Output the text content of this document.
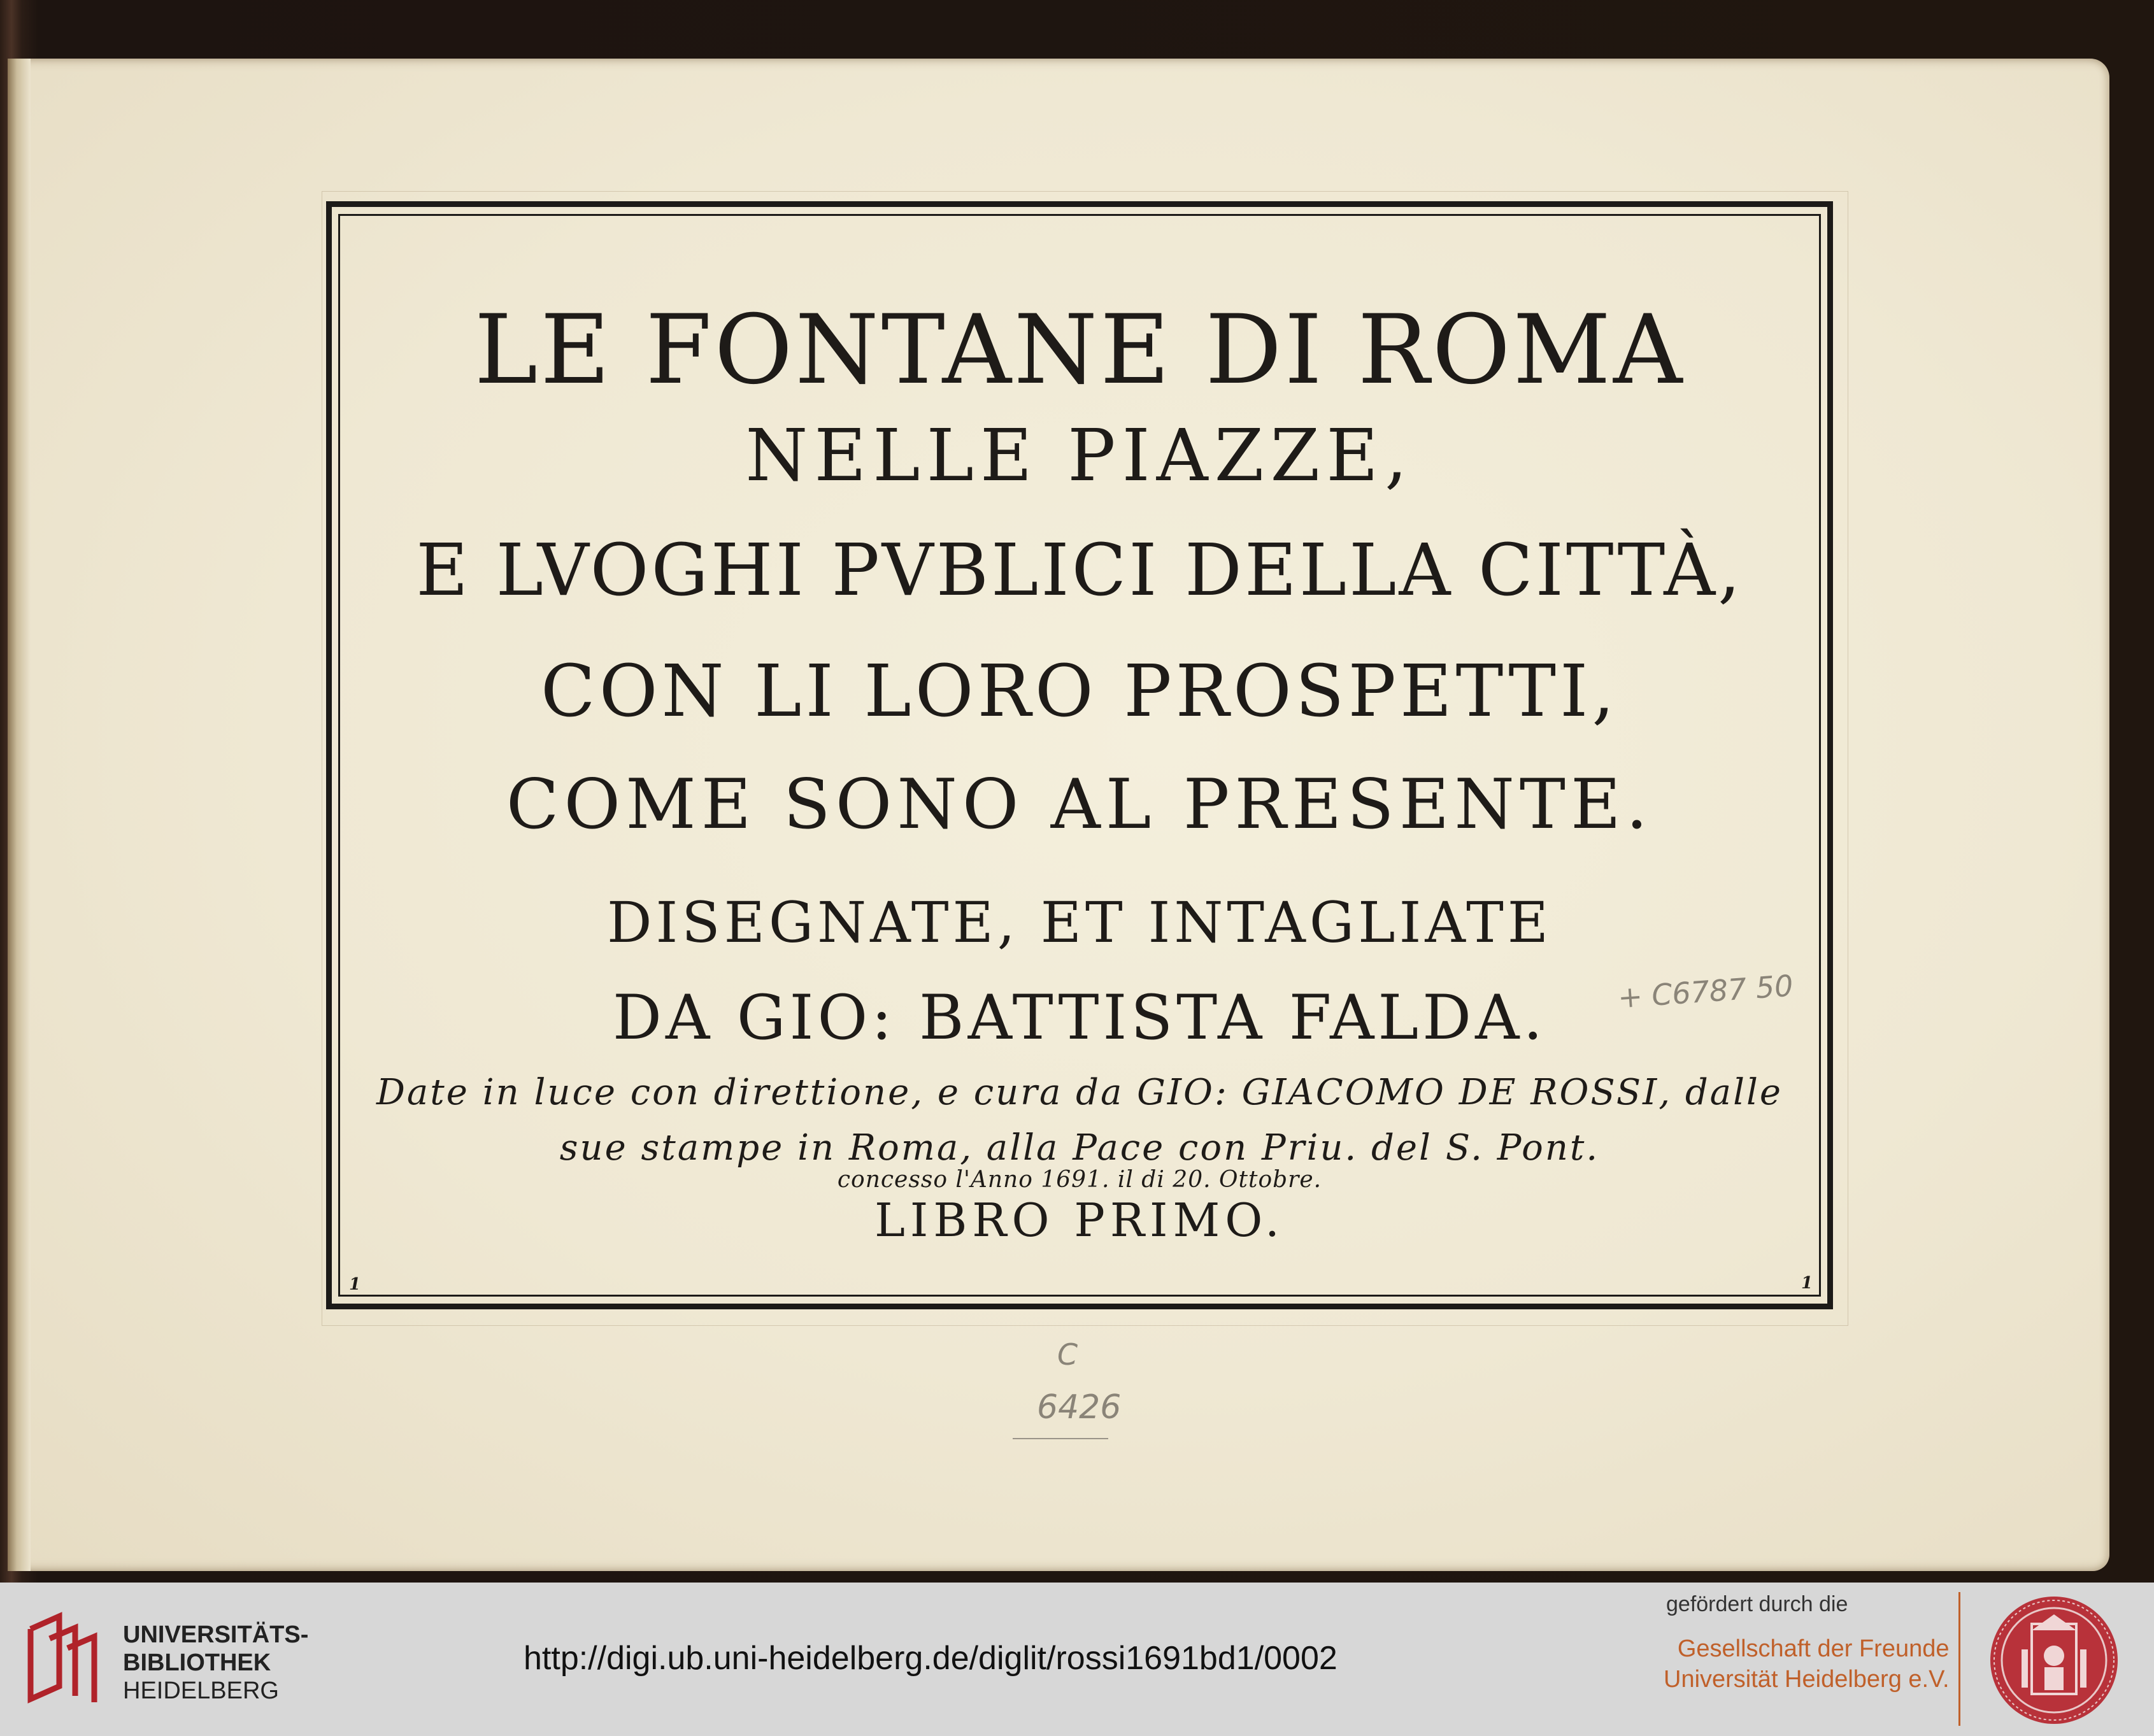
LE FONTANE DI ROMA
NELLE PIAZZE,
E LVOGHI PVBLICI DELLA CITTÀ,
CON LI LORO PROSPETTI,
COME SONO AL PRESENTE.
DISEGNATE, ET INTAGLIATE
DA GIO: BATTISTA FALDA.
Date in luce con direttione, e cura da GIO: GIACOMO DE ROSSI, dalle
sue stampe in Roma, alla Pace con Priu. del S. Pont.
concesso l'Anno 1691. il di 20. Ottobre.
LIBRO PRIMO.
1	1
+ C6787 50
C
6426
UNIVERSITÄTS-
BIBLIOTHEK
HEIDELBERG
http://digi.ub.uni-heidelberg.de/diglit/rossi1691bd1/0002
gefördert durch die
Gesellschaft der Freunde
Universität Heidelberg e.V.
